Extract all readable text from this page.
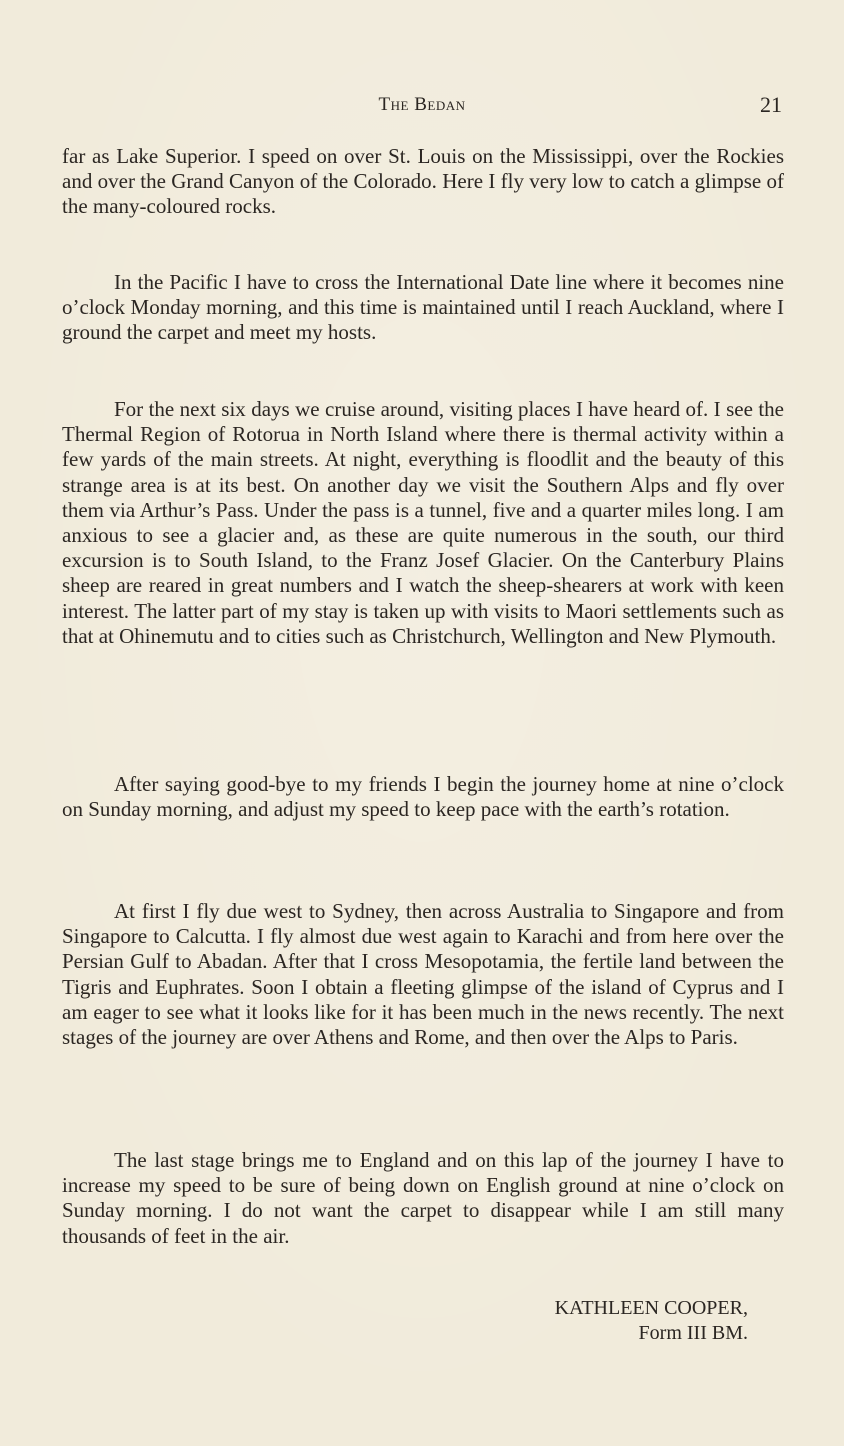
The Bedan	21

far as Lake Superior. I speed on over St. Louis on the Mississippi, over the Rockies and over the Grand Canyon of the Colorado. Here I fly very low to catch a glimpse of the many-coloured rocks.

In the Pacific I have to cross the International Date line where it becomes nine o’clock Monday morning, and this time is maintained until I reach Auckland, where I ground the carpet and meet my hosts.

For the next six days we cruise around, visiting places I have heard of. I see the Thermal Region of Rotorua in North Island where there is thermal activity within a few yards of the main streets. At night, everything is floodlit and the beauty of this strange area is at its best. On another day we visit the Southern Alps and fly over them via Arthur’s Pass. Under the pass is a tunnel, five and a quarter miles long. I am anxious to see a glacier and, as these are quite numerous in the south, our third excursion is to South Island, to the Franz Josef Glacier. On the Canterbury Plains sheep are reared in great numbers and I watch the sheep-shearers at work with keen interest. The latter part of my stay is taken up with visits to Maori settlements such as that at Ohinemutu and to cities such as Christchurch, Wellington and New Plymouth.

After saying good-bye to my friends I begin the journey home at nine o’clock on Sunday morning, and adjust my speed to keep pace with the earth’s rotation.

At first I fly due west to Sydney, then across Australia to Singapore and from Singapore to Calcutta. I fly almost due west again to Karachi and from here over the Persian Gulf to Abadan. After that I cross Mesopotamia, the fertile land between the Tigris and Euphrates. Soon I obtain a fleeting glimpse of the island of Cyprus and I am eager to see what it looks like for it has been much in the news recently. The next stages of the journey are over Athens and Rome, and then over the Alps to Paris.

The last stage brings me to England and on this lap of the journey I have to increase my speed to be sure of being down on English ground at nine o’clock on Sunday morning. I do not want the carpet to disappear while I am still many thousands of feet in the air.

KATHLEEN COOPER,
Form III BM.
